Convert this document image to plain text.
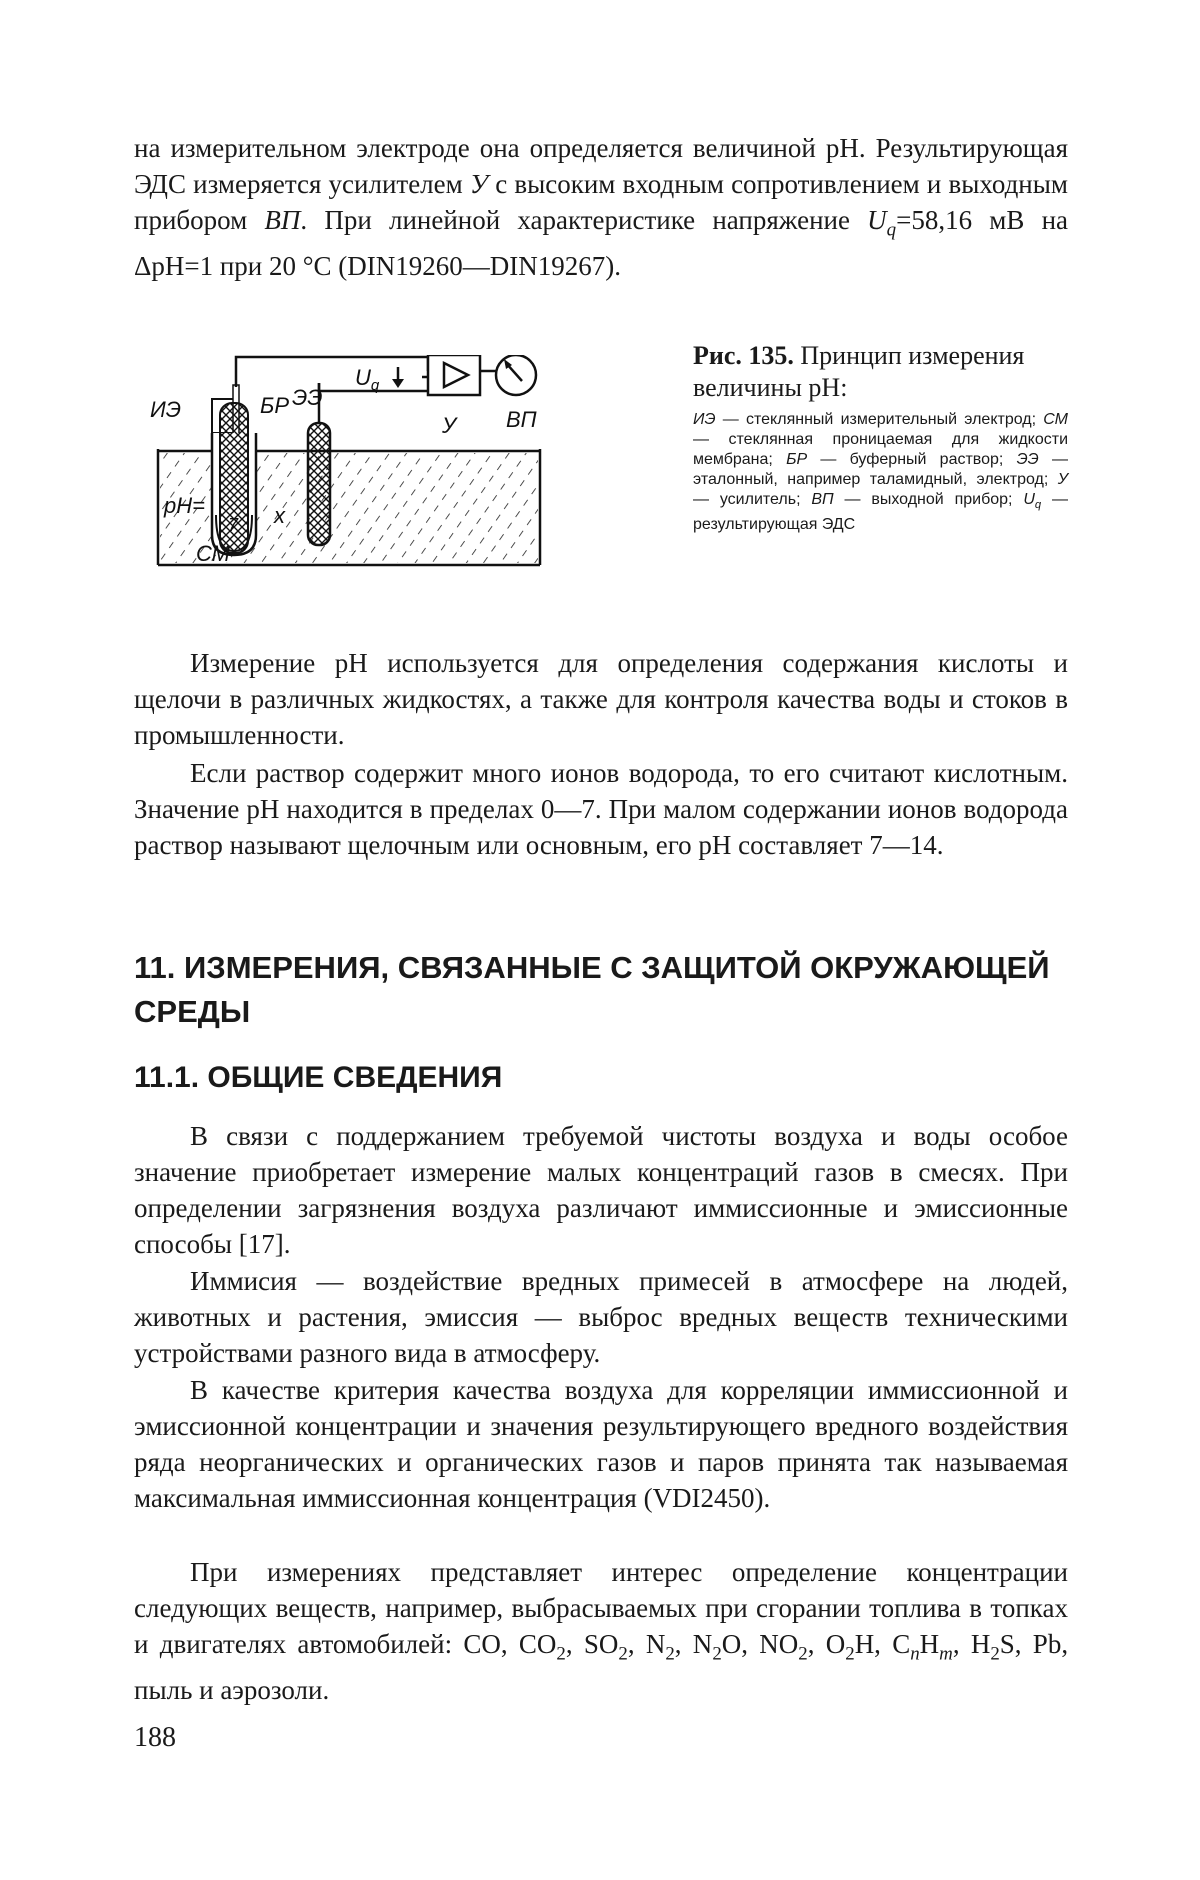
на измерительном электроде она определяется величиной pH. Результирующая ЭДС измеряется усилителем У с высоким входным сопротивлением и выходным прибором ВП. При линейной характеристике напряжение $U_q=58,16$ мВ на ΔpH=1 при 20 °С (DIN19260—DIN19267).

ИЭ	БР ЭЭ
$U_q$
У ВП
pH=
7 x
СМ

Рис. 135. Принцип измерения величины pH:

ИЭ — стеклянный измерительный электрод; СМ — стеклянная проницаемая для жидкости мембрана; БР — буферный раствор; ЭЭ — эталонный, например таламидный, электрод; У — усилитель; ВП — выходной прибор; $U_q$ — результирующая ЭДС

Измерение pH используется для определения содержания кислоты и щелочи в различных жидкостях, а также для контроля качества воды и стоков в промышленности.

Если раствор содержит много ионов водорода, то его считают кислотным. Значение pH находится в пределах 0—7. При малом содержании ионов водорода раствор называют щелочным или основным, его pH составляет 7—14.

11. ИЗМЕРЕНИЯ, СВЯЗАННЫЕ С ЗАЩИТОЙ ОКРУЖАЮЩЕЙ СРЕДЫ
11.1. ОБЩИЕ СВЕДЕНИЯ

В связи с поддержанием требуемой чистоты воздуха и воды особое значение приобретает измерение малых концентраций газов в смесях. При определении загрязнения воздуха различают иммиссионные и эмиссионные способы [17].

Иммисия — воздействие вредных примесей в атмосфере на людей, животных и растения, эмиссия — выброс вредных веществ техническими устройствами разного вида в атмосферу.

В качестве критерия качества воздуха для корреляции иммиссионной и эмиссионной концентрации и значения результирующего вредного воздействия ряда неорганических и органических газов и паров принята так называемая максимальная иммиссионная концентрация (VDI2450).

При измерениях представляет интерес определение концентрации следующих веществ, например, выбрасываемых при сгорании топлива в топках и двигателях автомобилей: CO, $CO_2$, $SO_2$, $N_2$, $N_2O$, $NO_2$, $O_2H$, $C_nH_m$, $H_2S$, Pb, пыль и аэрозоли.

188
